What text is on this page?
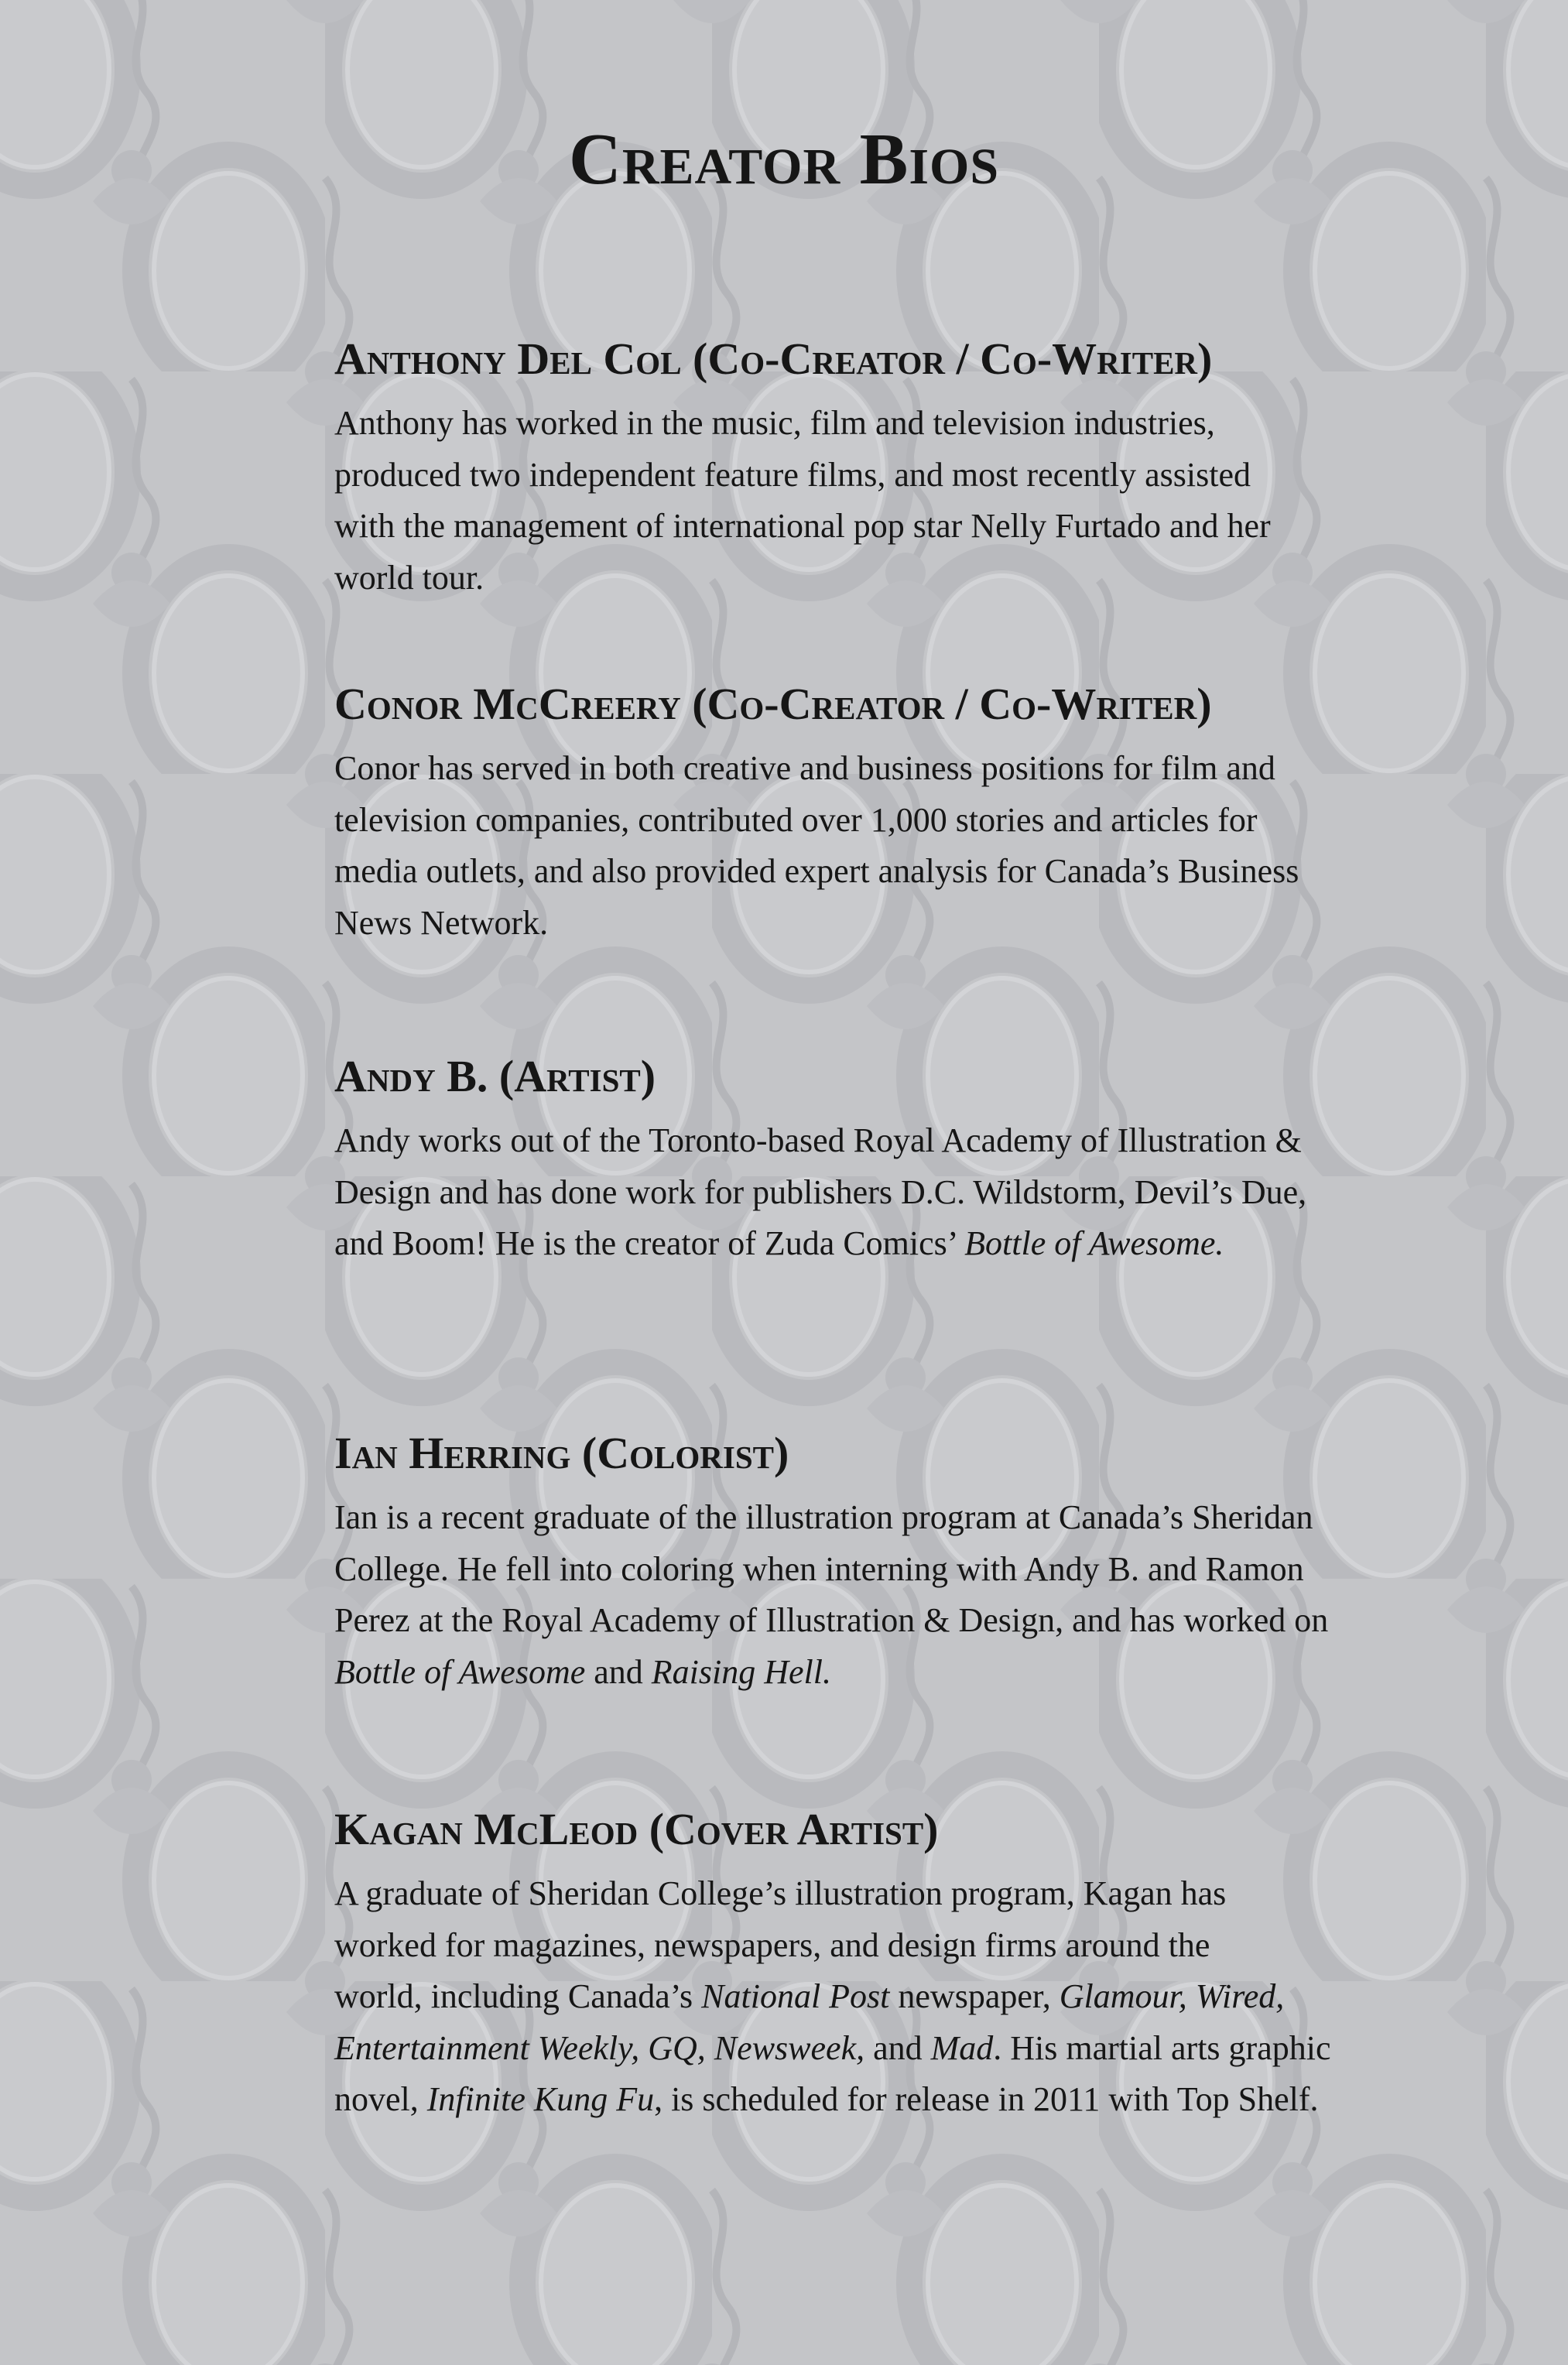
Creator Bios
Anthony Del Col (Co-Creator / Co-Writer)

Anthony has worked in the music, film and television industries,
produced two independent feature films, and most recently assisted
with the management of international pop star Nelly Furtado and her
world tour.

Conor McCreery (Co-Creator / Co-Writer)

Conor has served in both creative and business positions for film and
television companies, contributed over 1,000 stories and articles for
media outlets, and also provided expert analysis for Canada’s Business
News Network.

Andy B. (Artist)

Andy works out of the Toronto-based Royal Academy of Illustration &
Design and has done work for publishers D.C. Wildstorm, Devil’s Due,
and Boom! He is the creator of Zuda Comics’ Bottle of Awesome.

Ian Herring (Colorist)

Ian is a recent graduate of the illustration program at Canada’s Sheridan
College. He fell into coloring when interning with Andy B. and Ramon
Perez at the Royal Academy of Illustration & Design, and has worked on
Bottle of Awesome and Raising Hell.

Kagan McLeod (Cover Artist)

A graduate of Sheridan College’s illustration program, Kagan has
worked for magazines, newspapers, and design firms around the
world, including Canada’s National Post newspaper, Glamour, Wired,
Entertainment Weekly, GQ, Newsweek, and Mad. His martial arts graphic
novel, Infinite Kung Fu, is scheduled for release in 2011 with Top Shelf.
